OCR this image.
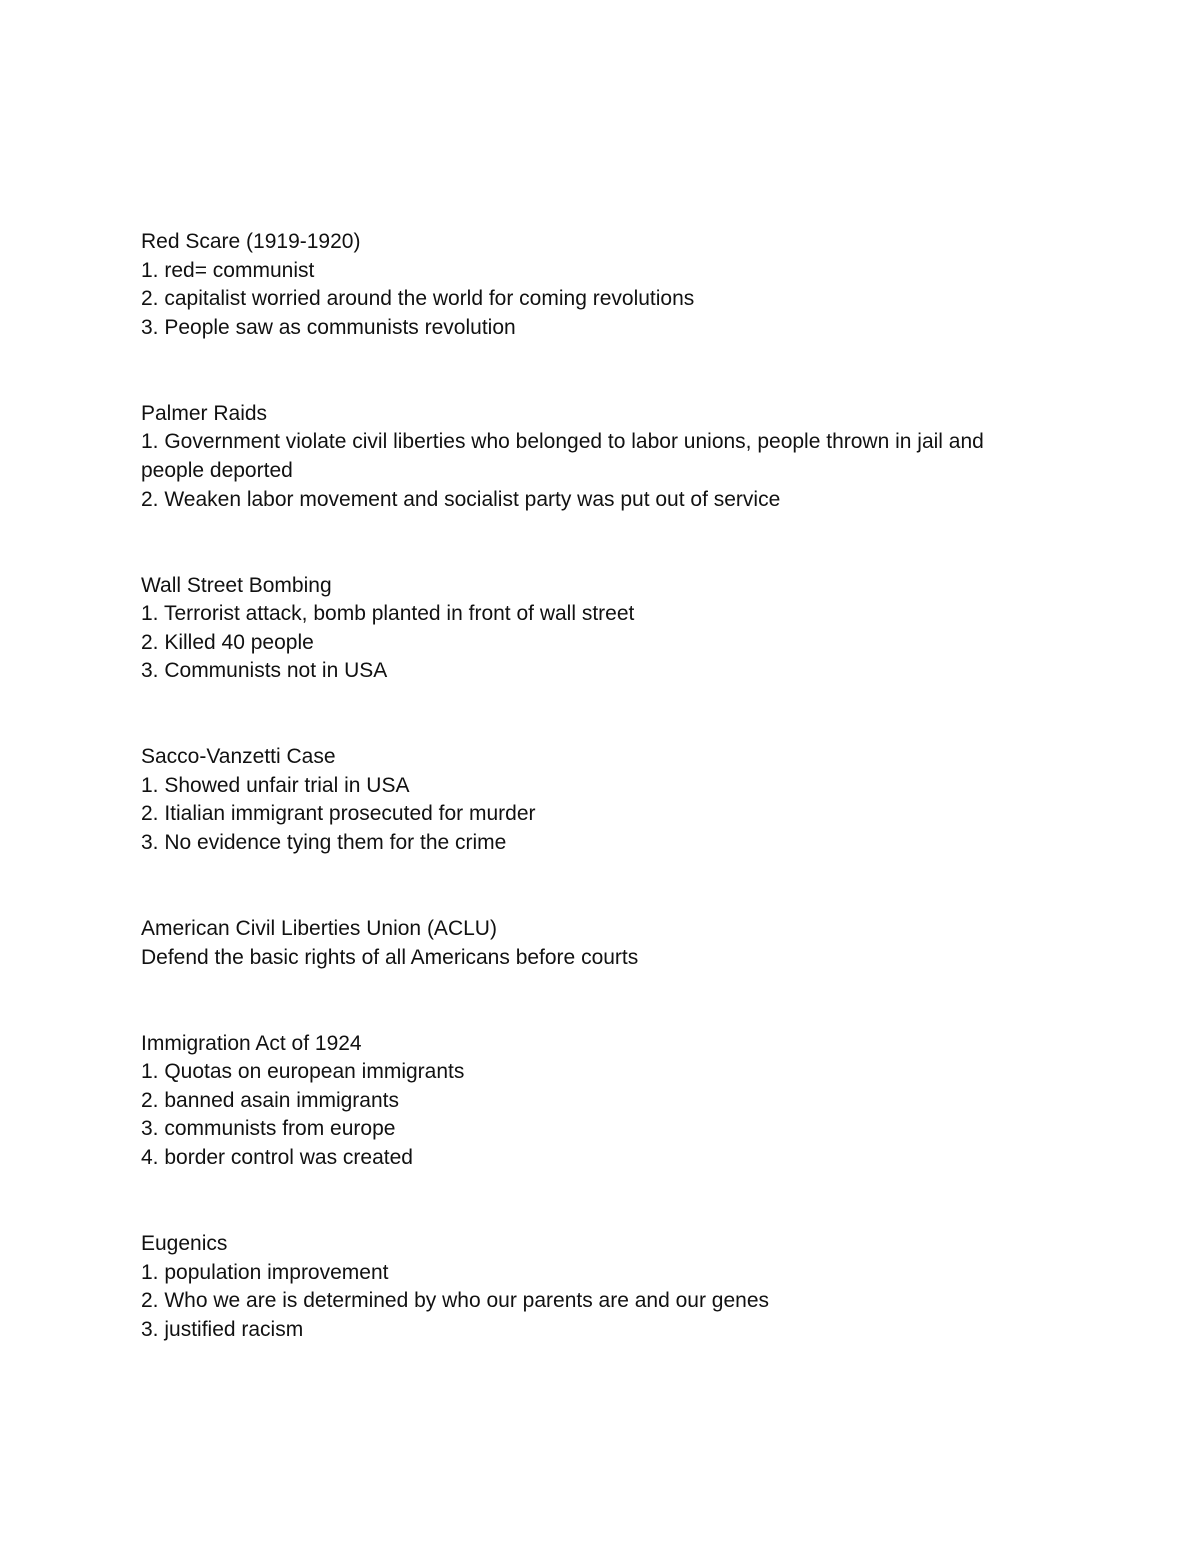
Red Scare (1919-1920)

1. red= communist

2. capitalist worried around the world for coming revolutions

3. People saw as communists revolution

Palmer Raids

1. Government violate civil liberties who belonged to labor unions, people thrown in jail and people deported

2. Weaken labor movement and socialist party was put out of service

Wall Street Bombing

1. Terrorist attack, bomb planted in front of wall street

2. Killed 40 people

3. Communists not in USA

Sacco-Vanzetti Case

1. Showed unfair trial in USA

2. Itialian immigrant prosecuted for murder

3. No evidence tying them for the crime

American Civil Liberties Union (ACLU)

Defend the basic rights of all Americans before courts

Immigration Act of 1924

1. Quotas on european immigrants

2. banned asain immigrants

3. communists from europe

4. border control was created

Eugenics

1. population improvement

2. Who we are is determined by who our parents are and our genes

3. justified racism
